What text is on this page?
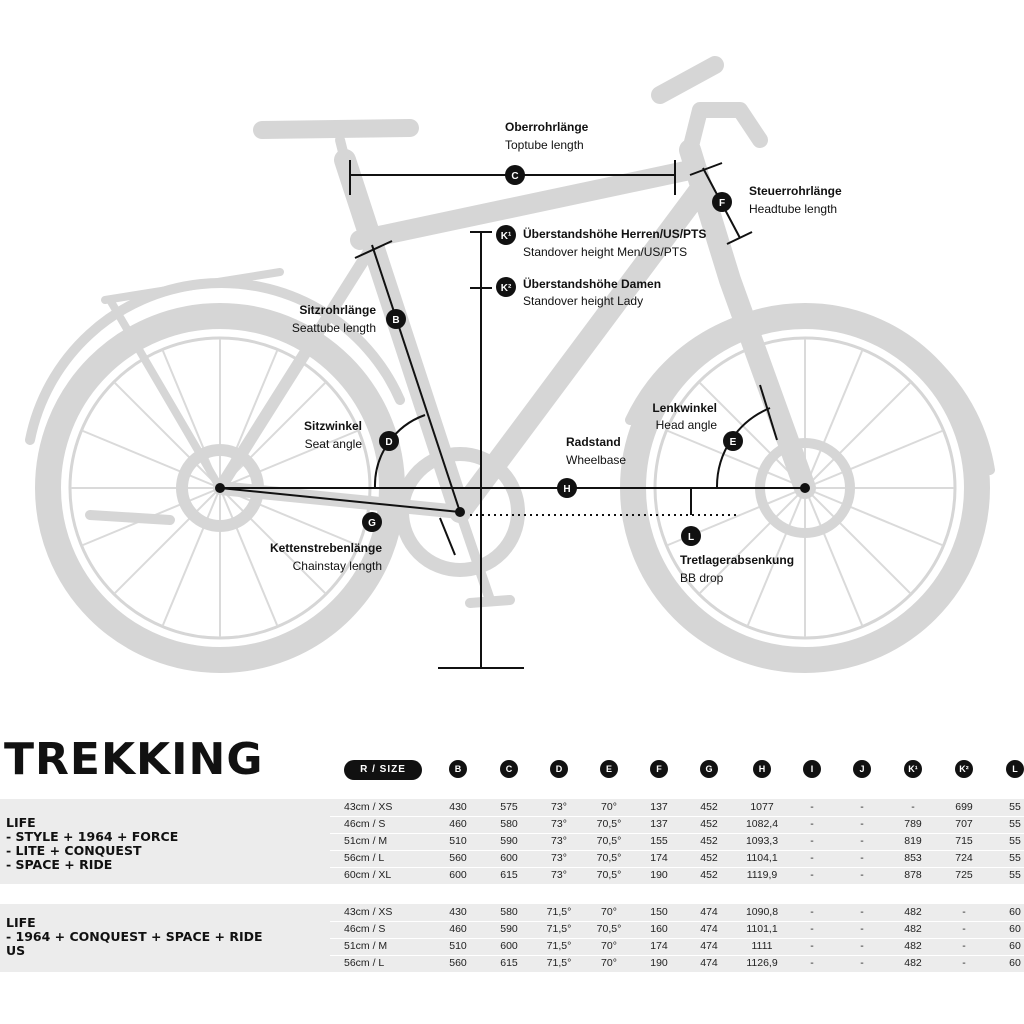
C
F
K¹
K²
B
D	E
H
G
L
Oberrohrlänge
Toptube length
Steuerrohrlänge
Headtube length
Überstandshöhe Herren/US/PTS
Standover height Men/US/PTS
Überstandshöhe Damen
Standover height Lady
Sitzrohrlänge
Seattube length
Sitzwinkel
Seat angle
Lenkwinkel
Head angle
Radstand
Wheelbase
Kettenstrebenlänge
Chainstay length	Tretlagerabsenkung
BB drop
TREKKING	R / SIZE	B	C	D	E	F	G	H	I	J	K¹	K²	L
LIFE
- STYLE + 1964 + FORCE
- LITE + CONQUEST
- SPACE + RIDE
43cm / XS	430	575	73°	70°	137	452	1077	-	-	-	699	55
46cm / S	460	580	73°	70,5°	137	452	1082,4	-	-	789	707	55
51cm / M	510	590	73°	70,5°	155	452	1093,3	-	-	819	715	55
56cm / L	560	600	73°	70,5°	174	452	1104,1	-	-	853	724	55
60cm / XL	600	615	73°	70,5°	190	452	1119,9	-	-	878	725	55
LIFE
- 1964 + CONQUEST + SPACE + RIDE
US
43cm / XS	430	580	71,5°	70°	150	474	1090,8	-	-	482	-	60
46cm / S	460	590	71,5°	70,5°	160	474	1101,1	-	-	482	-	60
51cm / M	510	600	71,5°	70°	174	474	1111	-	-	482	-	60
56cm / L	560	615	71,5°	70°	190	474	1126,9	-	-	482	-	60
